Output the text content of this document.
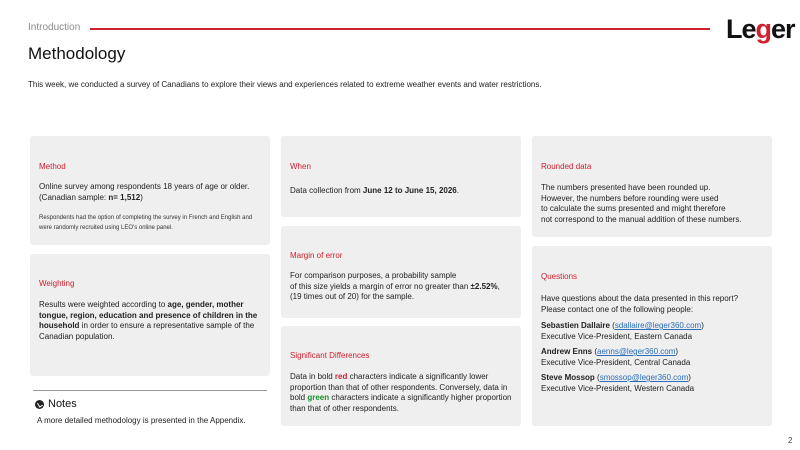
Introduction	Leger
Methodology
This week, we conducted a survey of Canadians to explore their views and experiences related to extreme weather events and water restrictions.
Method
Online survey among respondents 18 years of age or older.
(Canadian sample: n= 1,512)
Respondents had the option of completing the survey in French and English and
were randomly recruited using LEO's online panel.
Weighting
Results were weighted according to age, gender, mother tongue, region, education and presence of children in the household in order to ensure a representative sample of the Canadian population.
When
Data collection from June 12 to June 15, 2026.
Margin of error
For comparison purposes, a probability sample
of this size yields a margin of error no greater than ±2.52%,
(19 times out of 20) for the sample.
Significant Differences
Data in bold red characters indicate a significantly lower proportion than that of other respondents. Conversely, data in bold green characters indicate a significantly higher proportion than that of other respondents.
Rounded data
The numbers presented have been rounded up.
However, the numbers before rounding were used
to calculate the sums presented and might therefore
not correspond to the manual addition of these numbers.
Questions
Have questions about the data presented in this report?
Please contact one of the following people:
Sebastien Dallaire (sdallaire@leger360.com)
Executive Vice-President, Eastern Canada
Andrew Enns (aenns@leger360.com)
Executive Vice-President, Central Canada
Steve Mossop (smossop@leger360.com)
Executive Vice-President, Western Canada
Notes
A more detailed methodology is presented in the Appendix.
2
